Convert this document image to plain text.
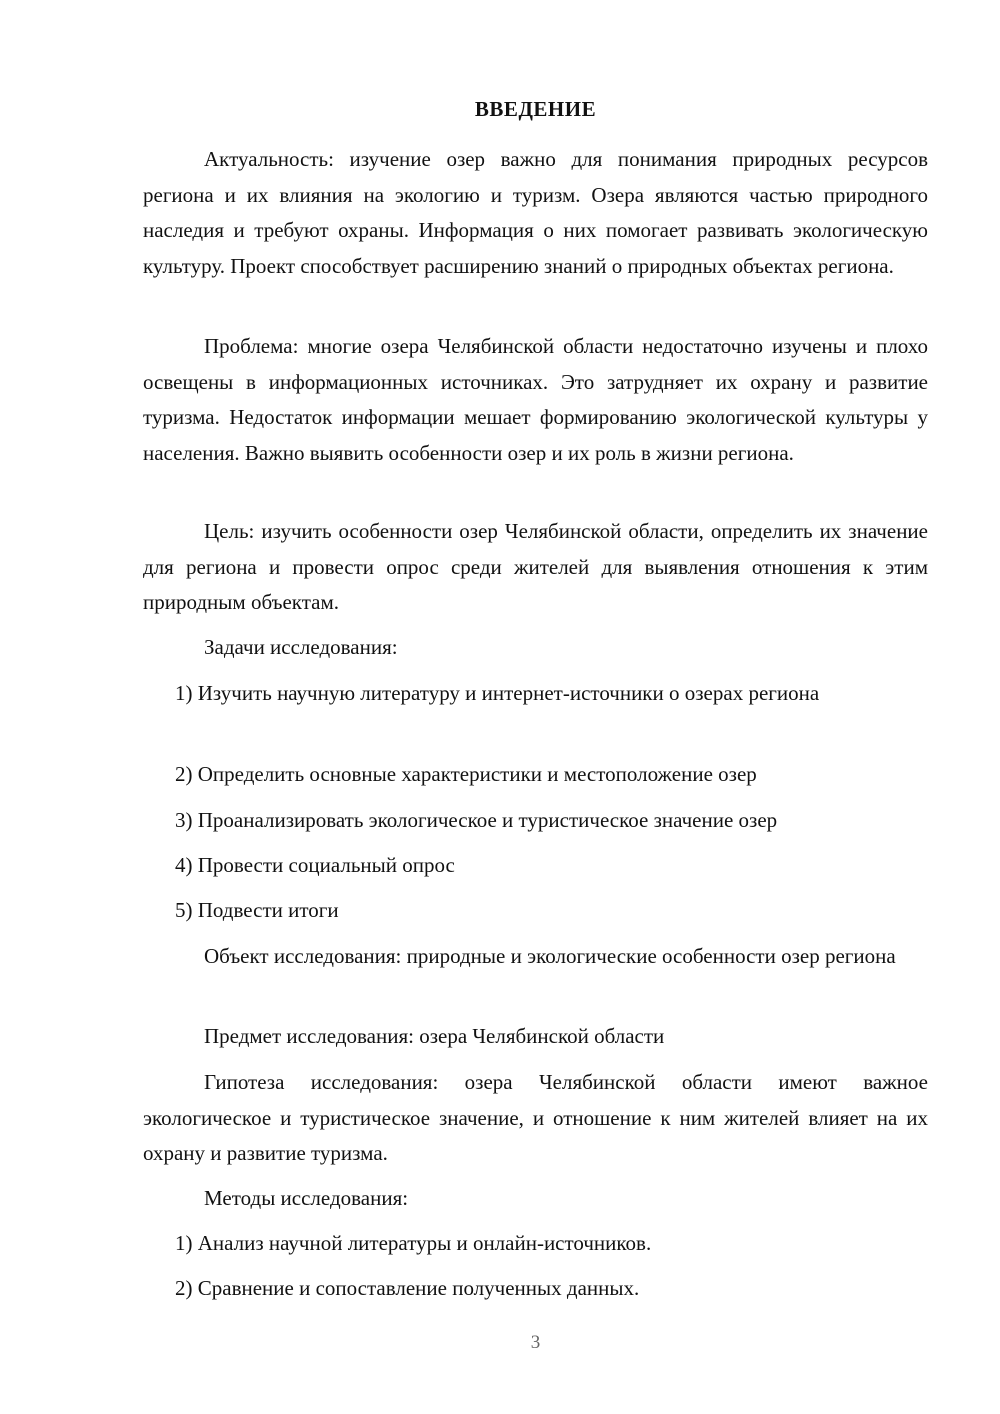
ВВЕДЕНИЕ

Актуальность: изучение озер важно для понимания природных ресурсов региона и их влияния на экологию и туризм. Озера являются частью природного наследия и требуют охраны. Информация о них помогает развивать экологическую культуру. Проект способствует расширению знаний о природных объектах региона.

Проблема: многие озера Челябинской области недостаточно изучены и плохо освещены в информационных источниках. Это затрудняет их охрану и развитие туризма. Недостаток информации мешает формированию экологической культуры у населения. Важно выявить особенности озер и их роль в жизни региона.

Цель: изучить особенности озер Челябинской области, определить их значение для региона и провести опрос среди жителей для выявления отношения к этим природным объектам.

Задачи исследования:

1) Изучить научную литературу и интернет-источники о озерах региона

2) Определить основные характеристики и местоположение озер

3) Проанализировать экологическое и туристическое значение озер

4) Провести социальный опрос

5) Подвести итоги

Объект исследования: природные и экологические особенности озер региона

Предмет исследования: озера Челябинской области

Гипотеза исследования: озера Челябинской области имеют важное экологическое и туристическое значение, и отношение к ним жителей влияет на их охрану и развитие туризма.

Методы исследования:

1) Анализ научной литературы и онлайн-источников.

2) Сравнение и сопоставление полученных данных.

3
